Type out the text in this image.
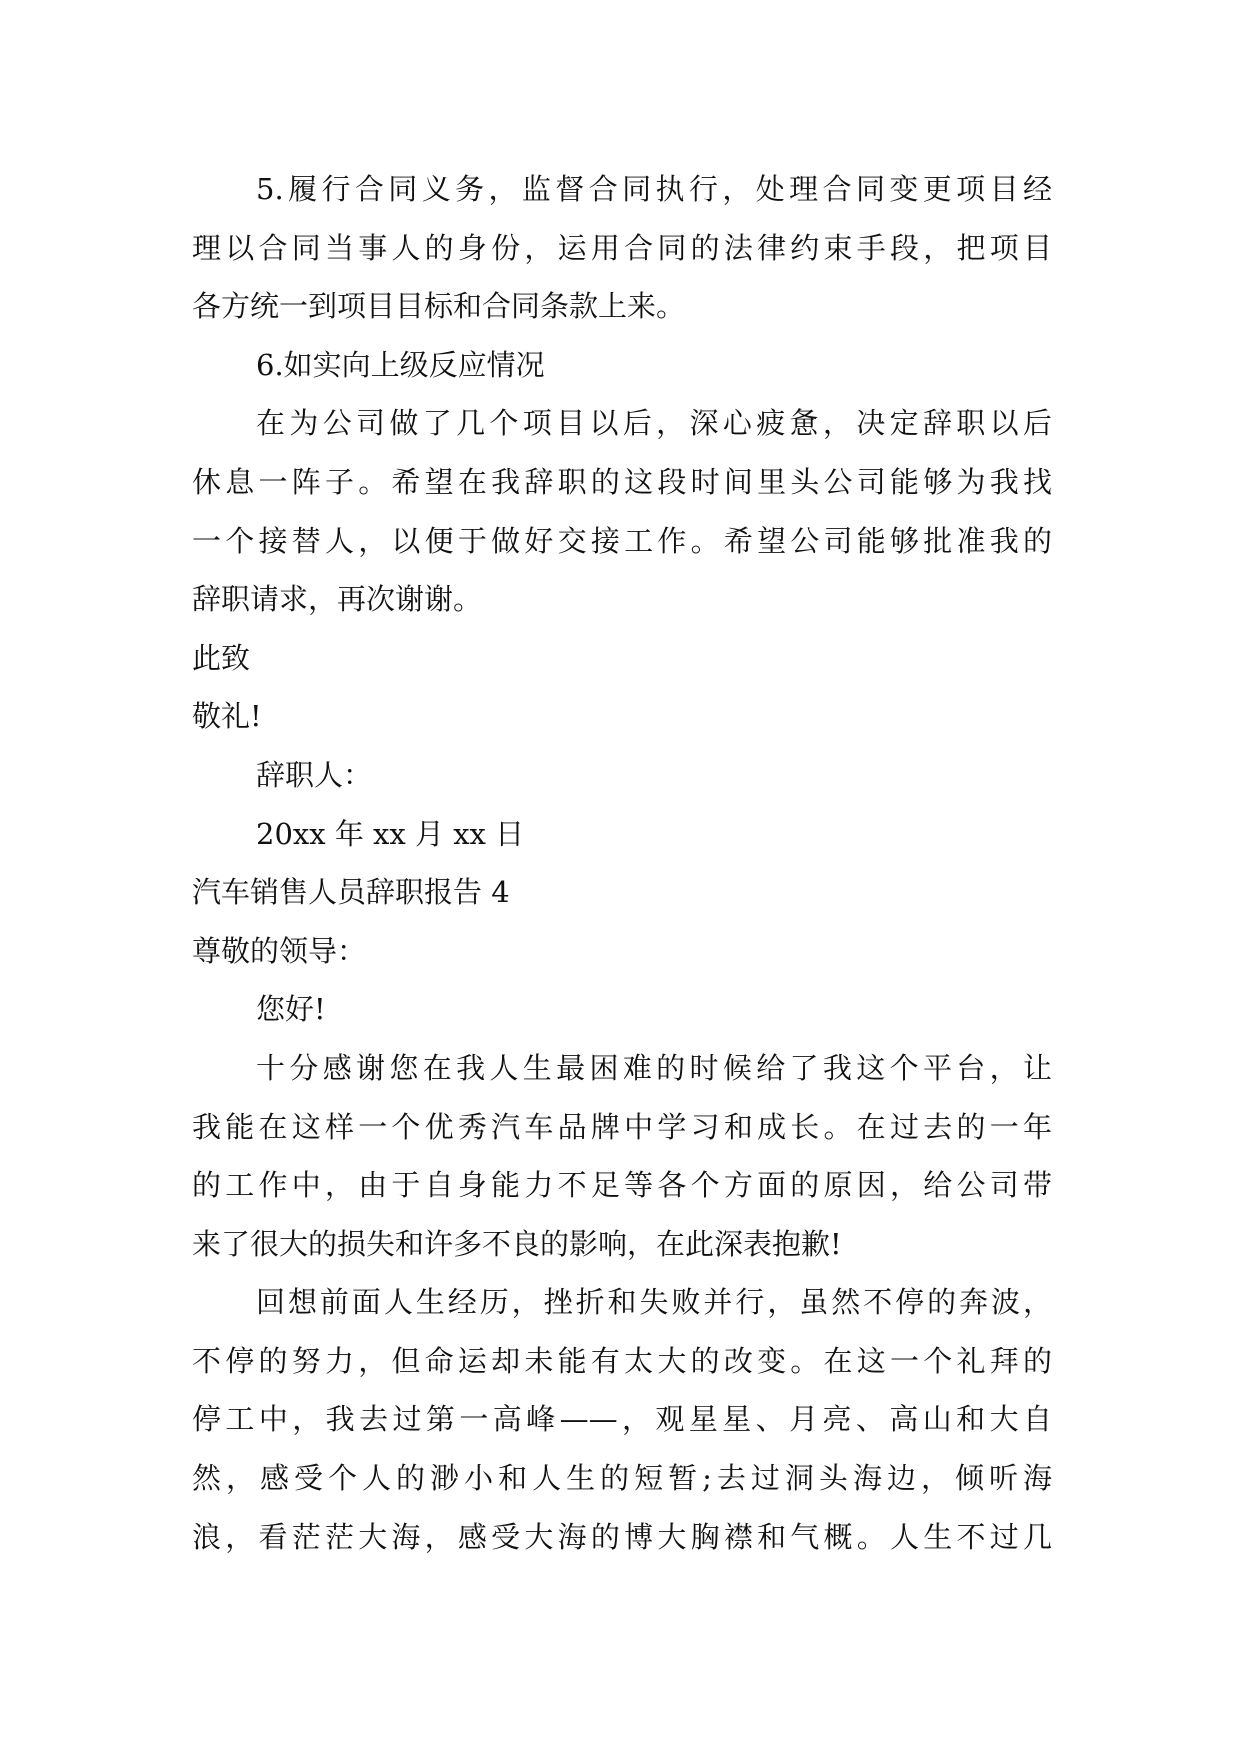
5.履行合同义务，监督合同执行，处理合同变更项目经
理以合同当事人的身份，运用合同的法律约束手段，把项目
各方统一到项目目标和合同条款上来。
6.如实向上级反应情况
在为公司做了几个项目以后，深心疲惫，决定辞职以后
休息一阵子。希望在我辞职的这段时间里头公司能够为我找
一个接替人，以便于做好交接工作。希望公司能够批准我的
辞职请求，再次谢谢。
此致
敬礼!
辞职人：
20xx 年 xx 月 xx 日
汽车销售人员辞职报告 4
尊敬的领导：
您好!
十分感谢您在我人生最困难的时候给了我这个平台，让
我能在这样一个优秀汽车品牌中学习和成长。在过去的一年
的工作中，由于自身能力不足等各个方面的原因，给公司带
来了很大的损失和许多不良的影响，在此深表抱歉!
回想前面人生经历，挫折和失败并行，虽然不停的奔波，
不停的努力，但命运却未能有太大的改变。在这一个礼拜的
停工中，我去过第一高峰——，观星星、月亮、高山和大自
然，感受个人的渺小和人生的短暂;去过洞头海边，倾听海
浪，看茫茫大海，感受大海的博大胸襟和气概。人生不过几
